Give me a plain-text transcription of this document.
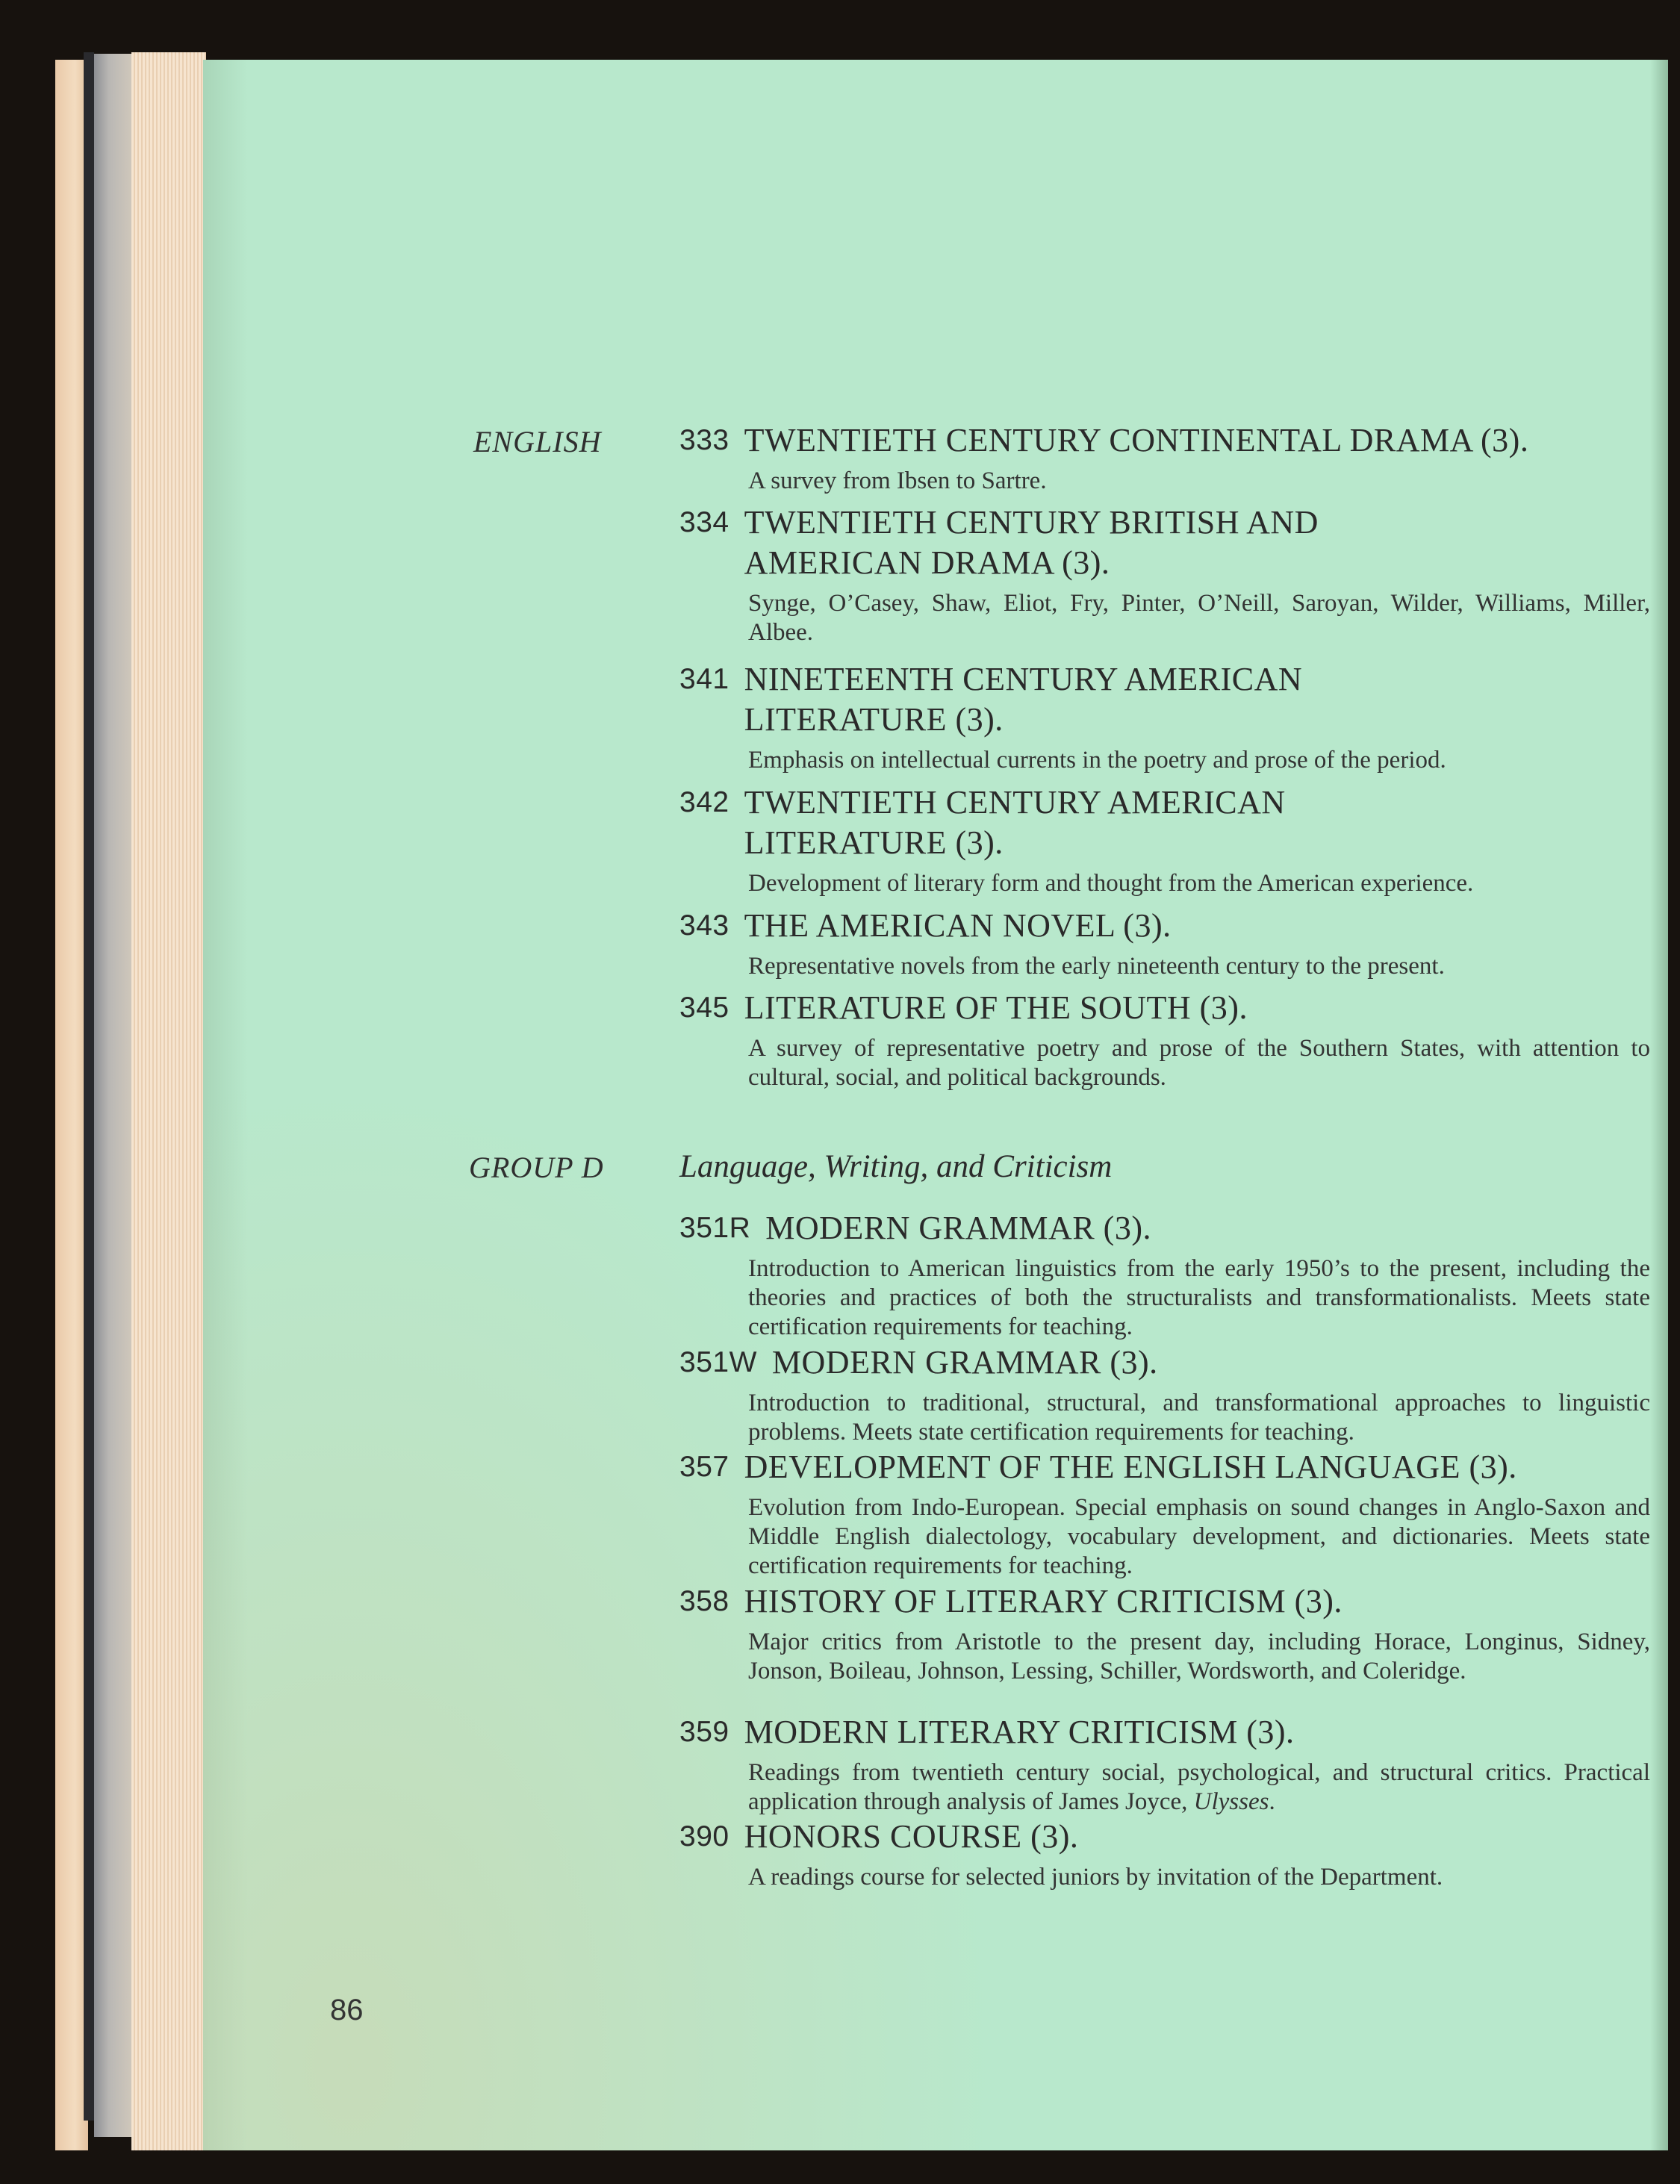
ENGLISH	333 TWENTIETH CENTURY CONTINENTAL DRAMA (3).
A survey from Ibsen to Sartre.
334 TWENTIETH CENTURY BRITISH AND AMERICAN DRAMA (3).
Synge, O’Casey, Shaw, Eliot, Fry, Pinter, O’Neill, Saroyan, Wilder, Williams, Miller, Albee.
341 NINETEENTH CENTURY AMERICAN LITERATURE (3).
Emphasis on intellectual currents in the poetry and prose of the period.
342 TWENTIETH CENTURY AMERICAN LITERATURE (3).
Development of literary form and thought from the American experience.
343 THE AMERICAN NOVEL (3).
Representative novels from the early nineteenth century to the present.
345 LITERATURE OF THE SOUTH (3).
A survey of representative poetry and prose of the Southern States, with attention to cultural, social, and political backgrounds.
GROUP D Language, Writing, and Criticism
351R MODERN GRAMMAR (3).
Introduction to American linguistics from the early 1950’s to the present, including the theories and practices of both the structuralists and transformationalists. Meets state certification requirements for teaching.
351W MODERN GRAMMAR (3).
Introduction to traditional, structural, and transformational approaches to linguistic problems. Meets state certification requirements for teaching.
357 DEVELOPMENT OF THE ENGLISH LANGUAGE (3).
Evolution from Indo-European. Special emphasis on sound changes in Anglo-Saxon and Middle English dialectology, vocabulary development, and dictionaries. Meets state certification requirements for teaching.
358 HISTORY OF LITERARY CRITICISM (3).
Major critics from Aristotle to the present day, including Horace, Longinus, Sidney, Jonson, Boileau, Johnson, Lessing, Schiller, Wordsworth, and Coleridge.
359 MODERN LITERARY CRITICISM (3).
Readings from twentieth century social, psychological, and structural critics. Practical application through analysis of James Joyce, Ulysses.
390 HONORS COURSE (3).
A readings course for selected juniors by invitation of the Department.
86
